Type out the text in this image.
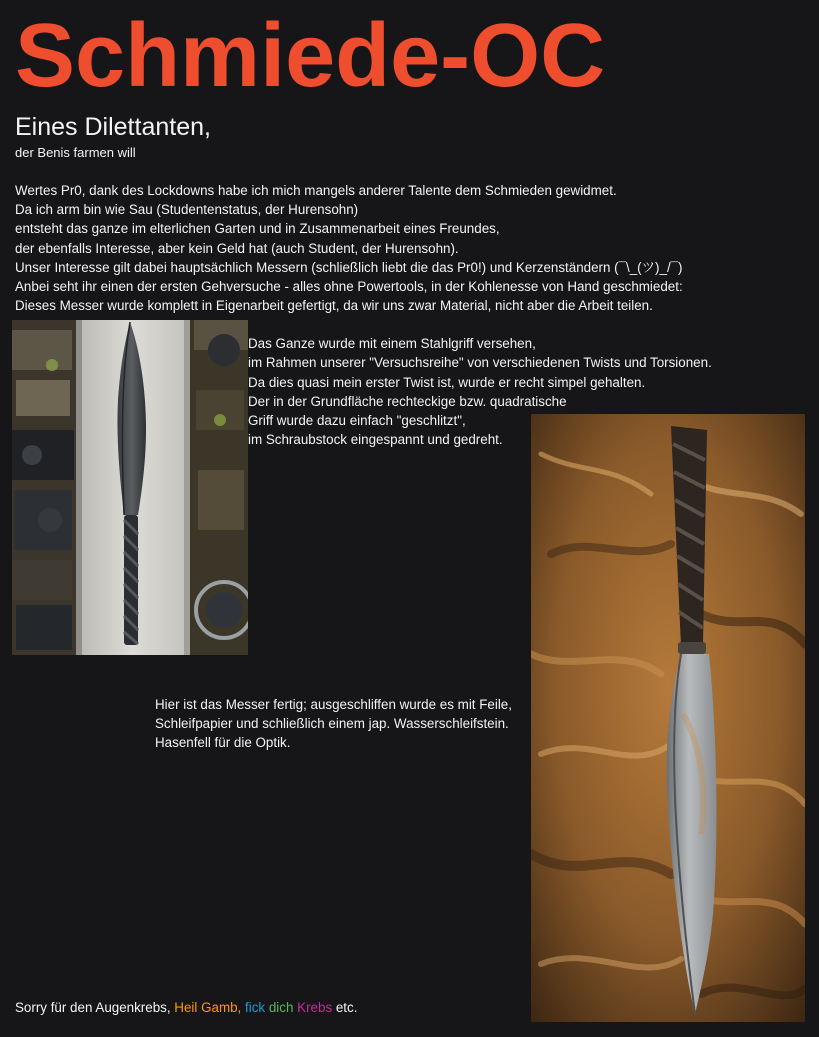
Schmiede-OC
Eines Dilettanten,
der Benis farmen will
Wertes Pr0, dank des Lockdowns habe ich mich mangels anderer Talente dem Schmieden gewidmet.
Da ich arm bin wie Sau (Studentenstatus, der Hurensohn)
entsteht das ganze im elterlichen Garten und in Zusammenarbeit eines Freundes,
der ebenfalls Interesse, aber kein Geld hat (auch Student, der Hurensohn).
Unser Interesse gilt dabei hauptsächlich Messern (schließlich liebt die das Pr0!) und Kerzenständern (¯\_(ツ)_/¯)
Anbei seht ihr einen der ersten Gehversuche - alles ohne Powertools, in der Kohlenesse von Hand geschmiedet:
Dieses Messer wurde komplett in Eigenarbeit gefertigt, da wir uns zwar Material, nicht aber die Arbeit teilen.
Das Ganze wurde mit einem Stahlgriff versehen,
im Rahmen unserer "Versuchsreihe" von verschiedenen Twists und Torsionen.
Da dies quasi mein erster Twist ist, wurde er recht simpel gehalten.
Der in der Grundfläche rechteckige bzw. quadratische
Griff wurde dazu einfach "geschlitzt",
im Schraubstock eingespannt und gedreht.
Hier ist das Messer fertig; ausgeschliffen wurde es mit Feile,
Schleifpapier und schließlich einem jap. Wasserschleifstein.
Hasenfell für die Optik.
Sorry für den Augenkrebs, Heil Gamb, fick dich Krebs etc.
